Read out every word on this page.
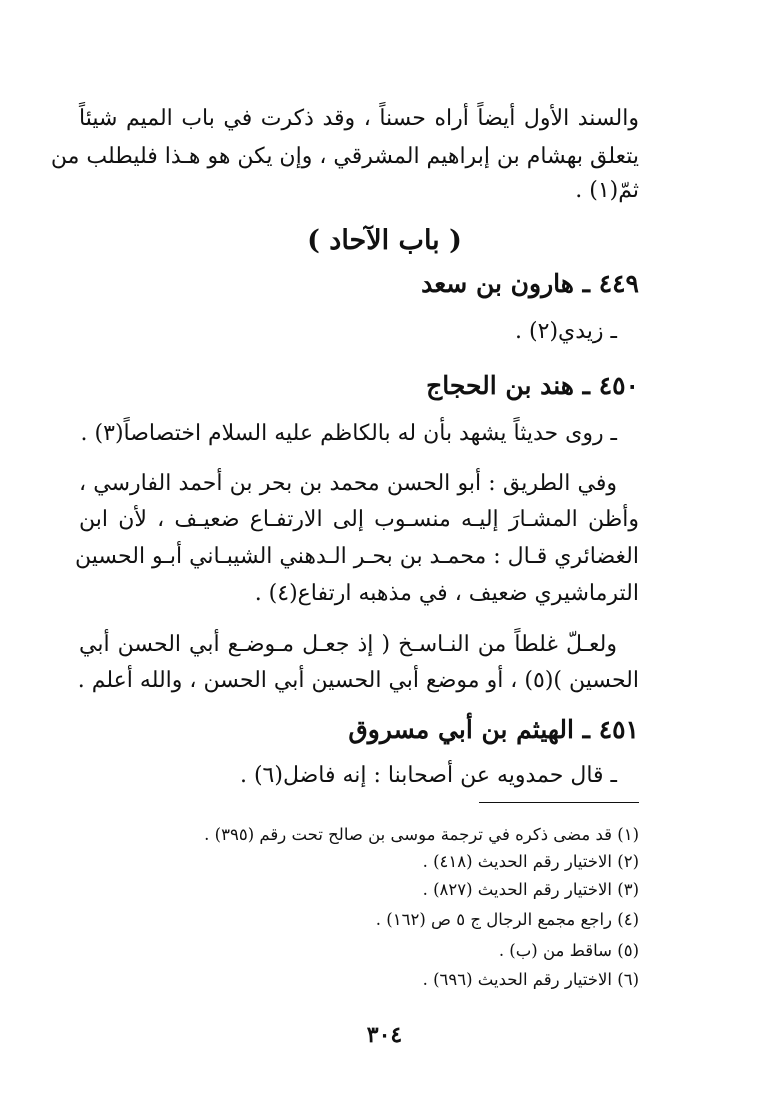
والسند الأول أيضاً أراه حسناً ، وقد ذكرت في باب الميم شيئاً
يتعلق بهشام بن إبراهيم المشرقي ، وإن يكن هو هـذا فليطلب من
ثمّ(١) .
( باب الآحاد )
٤٤٩ ـ هارون بن سعد
ـ زيدي(٢) .
٤٥٠ ـ هند بن الحجاج
ـ روى حديثاً يشهد بأن له بالكاظم عليه السلام اختصاصاً(٣) .
وفي الطريق : أبو الحسن محمد بن بحر بن أحمد الفارسي ،
وأظن المشـارَ إليـه منسـوب إلى الارتفـاع ضعيـف ، لأن ابن
الغضائري قـال : محمـد بن بحـر الـدهني الشيبـاني أبـو الحسين
الترماشيري ضعيف ، في مذهبه ارتفاع(٤) .
ولعـلّ غلطاً من النـاسـخ ( إذ جعـل مـوضـع أبي الحسن أبي
الحسين )(٥) ، أو موضع أبي الحسين أبي الحسن ، والله أعلم .
٤٥١ ـ الهيثم بن أبي مسروق
ـ قال حمدويه عن أصحابنا : إنه فاضل(٦) .
(١) قد مضى ذكره في ترجمة موسى بن صالح تحت رقم (٣٩٥) .
(٢) الاختيار رقم الحديث (٤١٨) .
(٣) الاختيار رقم الحديث (٨٢٧) .
(٤) راجع مجمع الرجال ج ٥ ص (١٦٢) .
(٥) ساقط من (ب) .
(٦) الاختيار رقم الحديث (٦٩٦) .
٣٠٤
